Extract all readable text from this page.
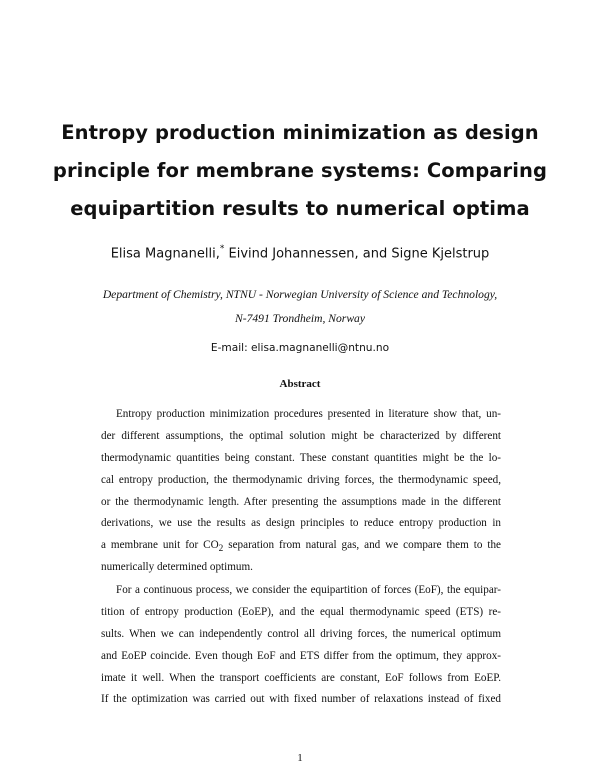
Entropy production minimization as design
principle for membrane systems: Comparing
equipartition results to numerical optima
Elisa Magnanelli,* Eivind Johannessen, and Signe Kjelstrup
Department of Chemistry, NTNU - Norwegian University of Science and Technology,
N-7491 Trondheim, Norway
E-mail: elisa.magnanelli@ntnu.no
Abstract
Entropy production minimization procedures presented in literature show that, un-
der different assumptions, the optimal solution might be characterized by different
thermodynamic quantities being constant. These constant quantities might be the lo-
cal entropy production, the thermodynamic driving forces, the thermodynamic speed,
or the thermodynamic length. After presenting the assumptions made in the different
derivations, we use the results as design principles to reduce entropy production in
a membrane unit for $CO_2$ separation from natural gas, and we compare them to the
numerically determined optimum.
For a continuous process, we consider the equipartition of forces (EoF), the equipar-
tition of entropy production (EoEP), and the equal thermodynamic speed (ETS) re-
sults. When we can independently control all driving forces, the numerical optimum
and EoEP coincide. Even though EoF and ETS differ from the optimum, they approx-
imate it well. When the transport coefficients are constant, EoF follows from EoEP.
If the optimization was carried out with fixed number of relaxations instead of fixed
1
